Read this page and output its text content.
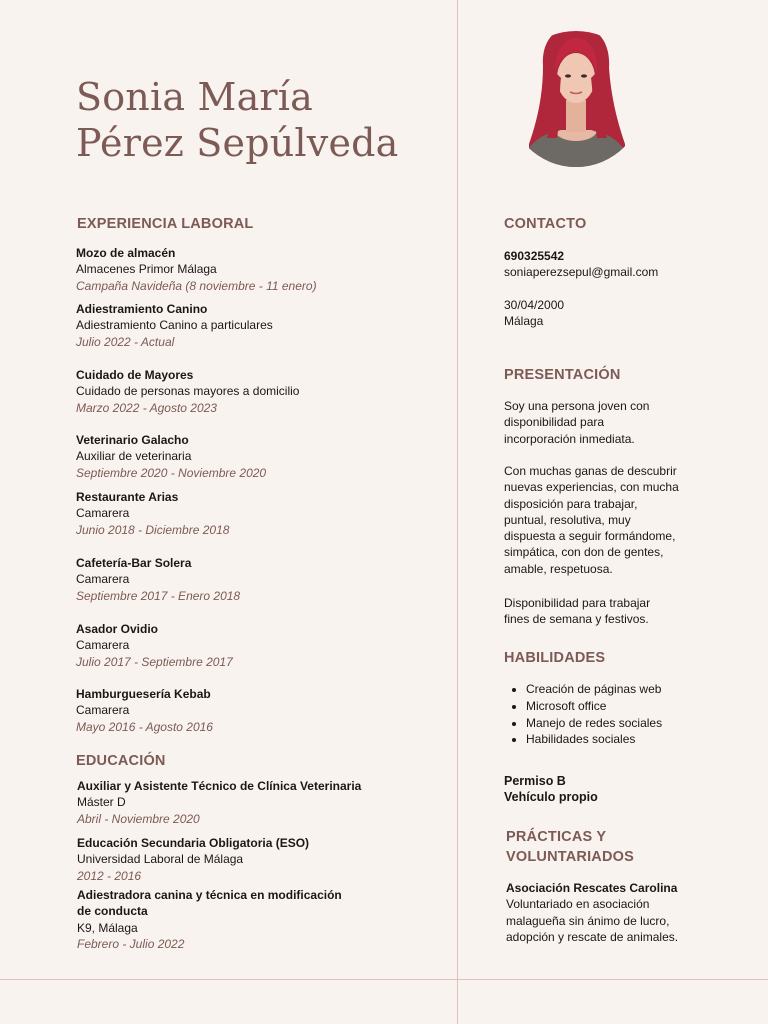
Sonia María
Pérez Sepúlveda
EXPERIENCIA LABORAL
Mozo de almacén
Almacenes Primor Málaga
Campaña Navideña (8 noviembre - 11 enero)
Adiestramiento Canino
Adiestramiento Canino a particulares
Julio 2022 - Actual
Cuidado de Mayores
Cuidado de personas mayores a domicilio
Marzo 2022 - Agosto 2023
Veterinario Galacho
Auxiliar de veterinaria
Septiembre 2020 - Noviembre 2020
Restaurante Arias
Camarera
Junio 2018 - Diciembre 2018
Cafetería-Bar Solera
Camarera
Septiembre 2017 - Enero 2018
Asador Ovidio
Camarera
Julio 2017 - Septiembre 2017
Hamburguesería Kebab
Camarera
Mayo 2016 - Agosto 2016
EDUCACIÓN
Auxiliar y Asistente Técnico de Clínica Veterinaria
Máster D
Abril - Noviembre 2020
Educación Secundaria Obligatoria (ESO)
Universidad Laboral de Málaga
2012 - 2016
Adiestradora canina y técnica en modificación
de conducta
K9, Málaga
Febrero - Julio 2022
CONTACTO
690325542
soniaperezsepul@gmail.com
30/04/2000
Málaga
PRESENTACIÓN
Soy una persona joven con
disponibilidad para
incorporación inmediata.
Con muchas ganas de descubrir
nuevas experiencias, con mucha
disposición para trabajar,
puntual, resolutiva, muy
dispuesta a seguir formándome,
simpática, con don de gentes,
amable, respetuosa.
Disponibilidad para trabajar
fines de semana y festivos.
HABILIDADES
• Creación de páginas web
• Microsoft office
• Manejo de redes sociales
• Habilidades sociales
Permiso B
Vehículo propio
PRÁCTICAS Y
VOLUNTARIADOS
Asociación Rescates Carolina
Voluntariado en asociación
malagueña sin ánimo de lucro,
adopción y rescate de animales.
